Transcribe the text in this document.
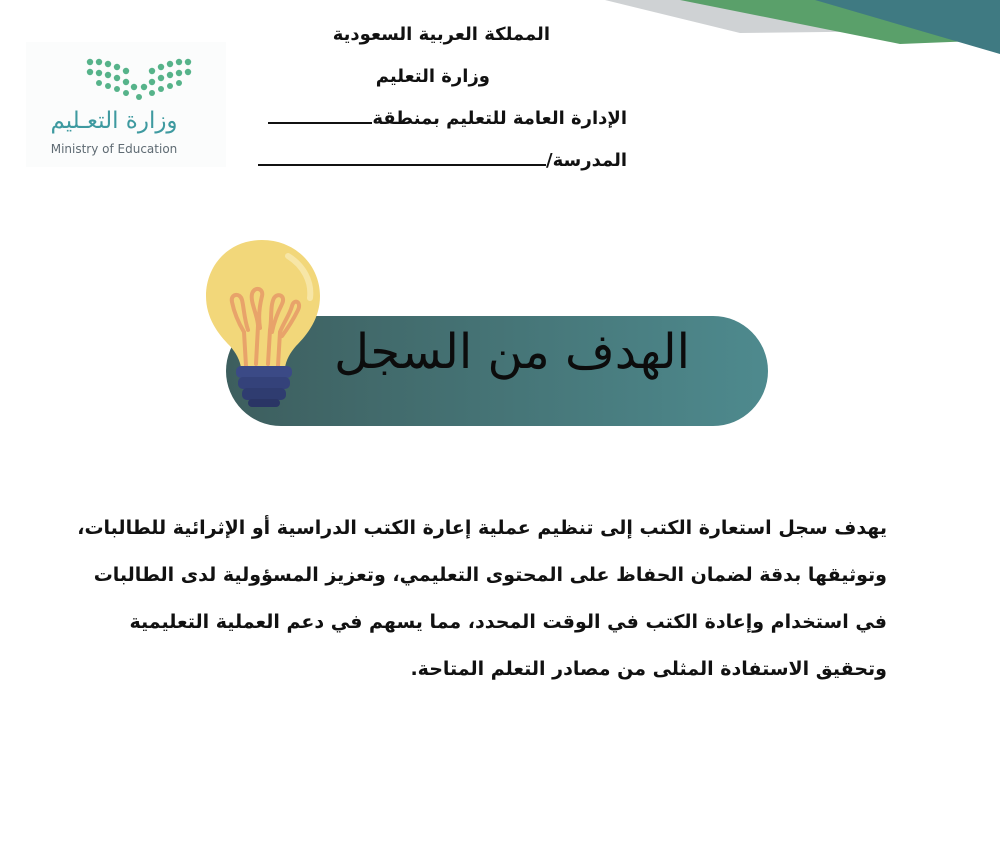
وزارة التعـليم
Ministry of Education
المملكة العربية السعودية
وزارة التعليم
الإدارة العامة للتعليم بمنطقة
المدرسة/
الهدف من السجل
يهدف سجل استعارة الكتب إلى تنظيم عملية إعارة الكتب الدراسية أو الإثرائية للطالبات،
وتوثيقها بدقة لضمان الحفاظ على المحتوى التعليمي، وتعزيز المسؤولية لدى الطالبات
في استخدام وإعادة الكتب في الوقت المحدد، مما يسهم في دعم العملية التعليمية
وتحقيق الاستفادة المثلى من مصادر التعلم المتاحة.
